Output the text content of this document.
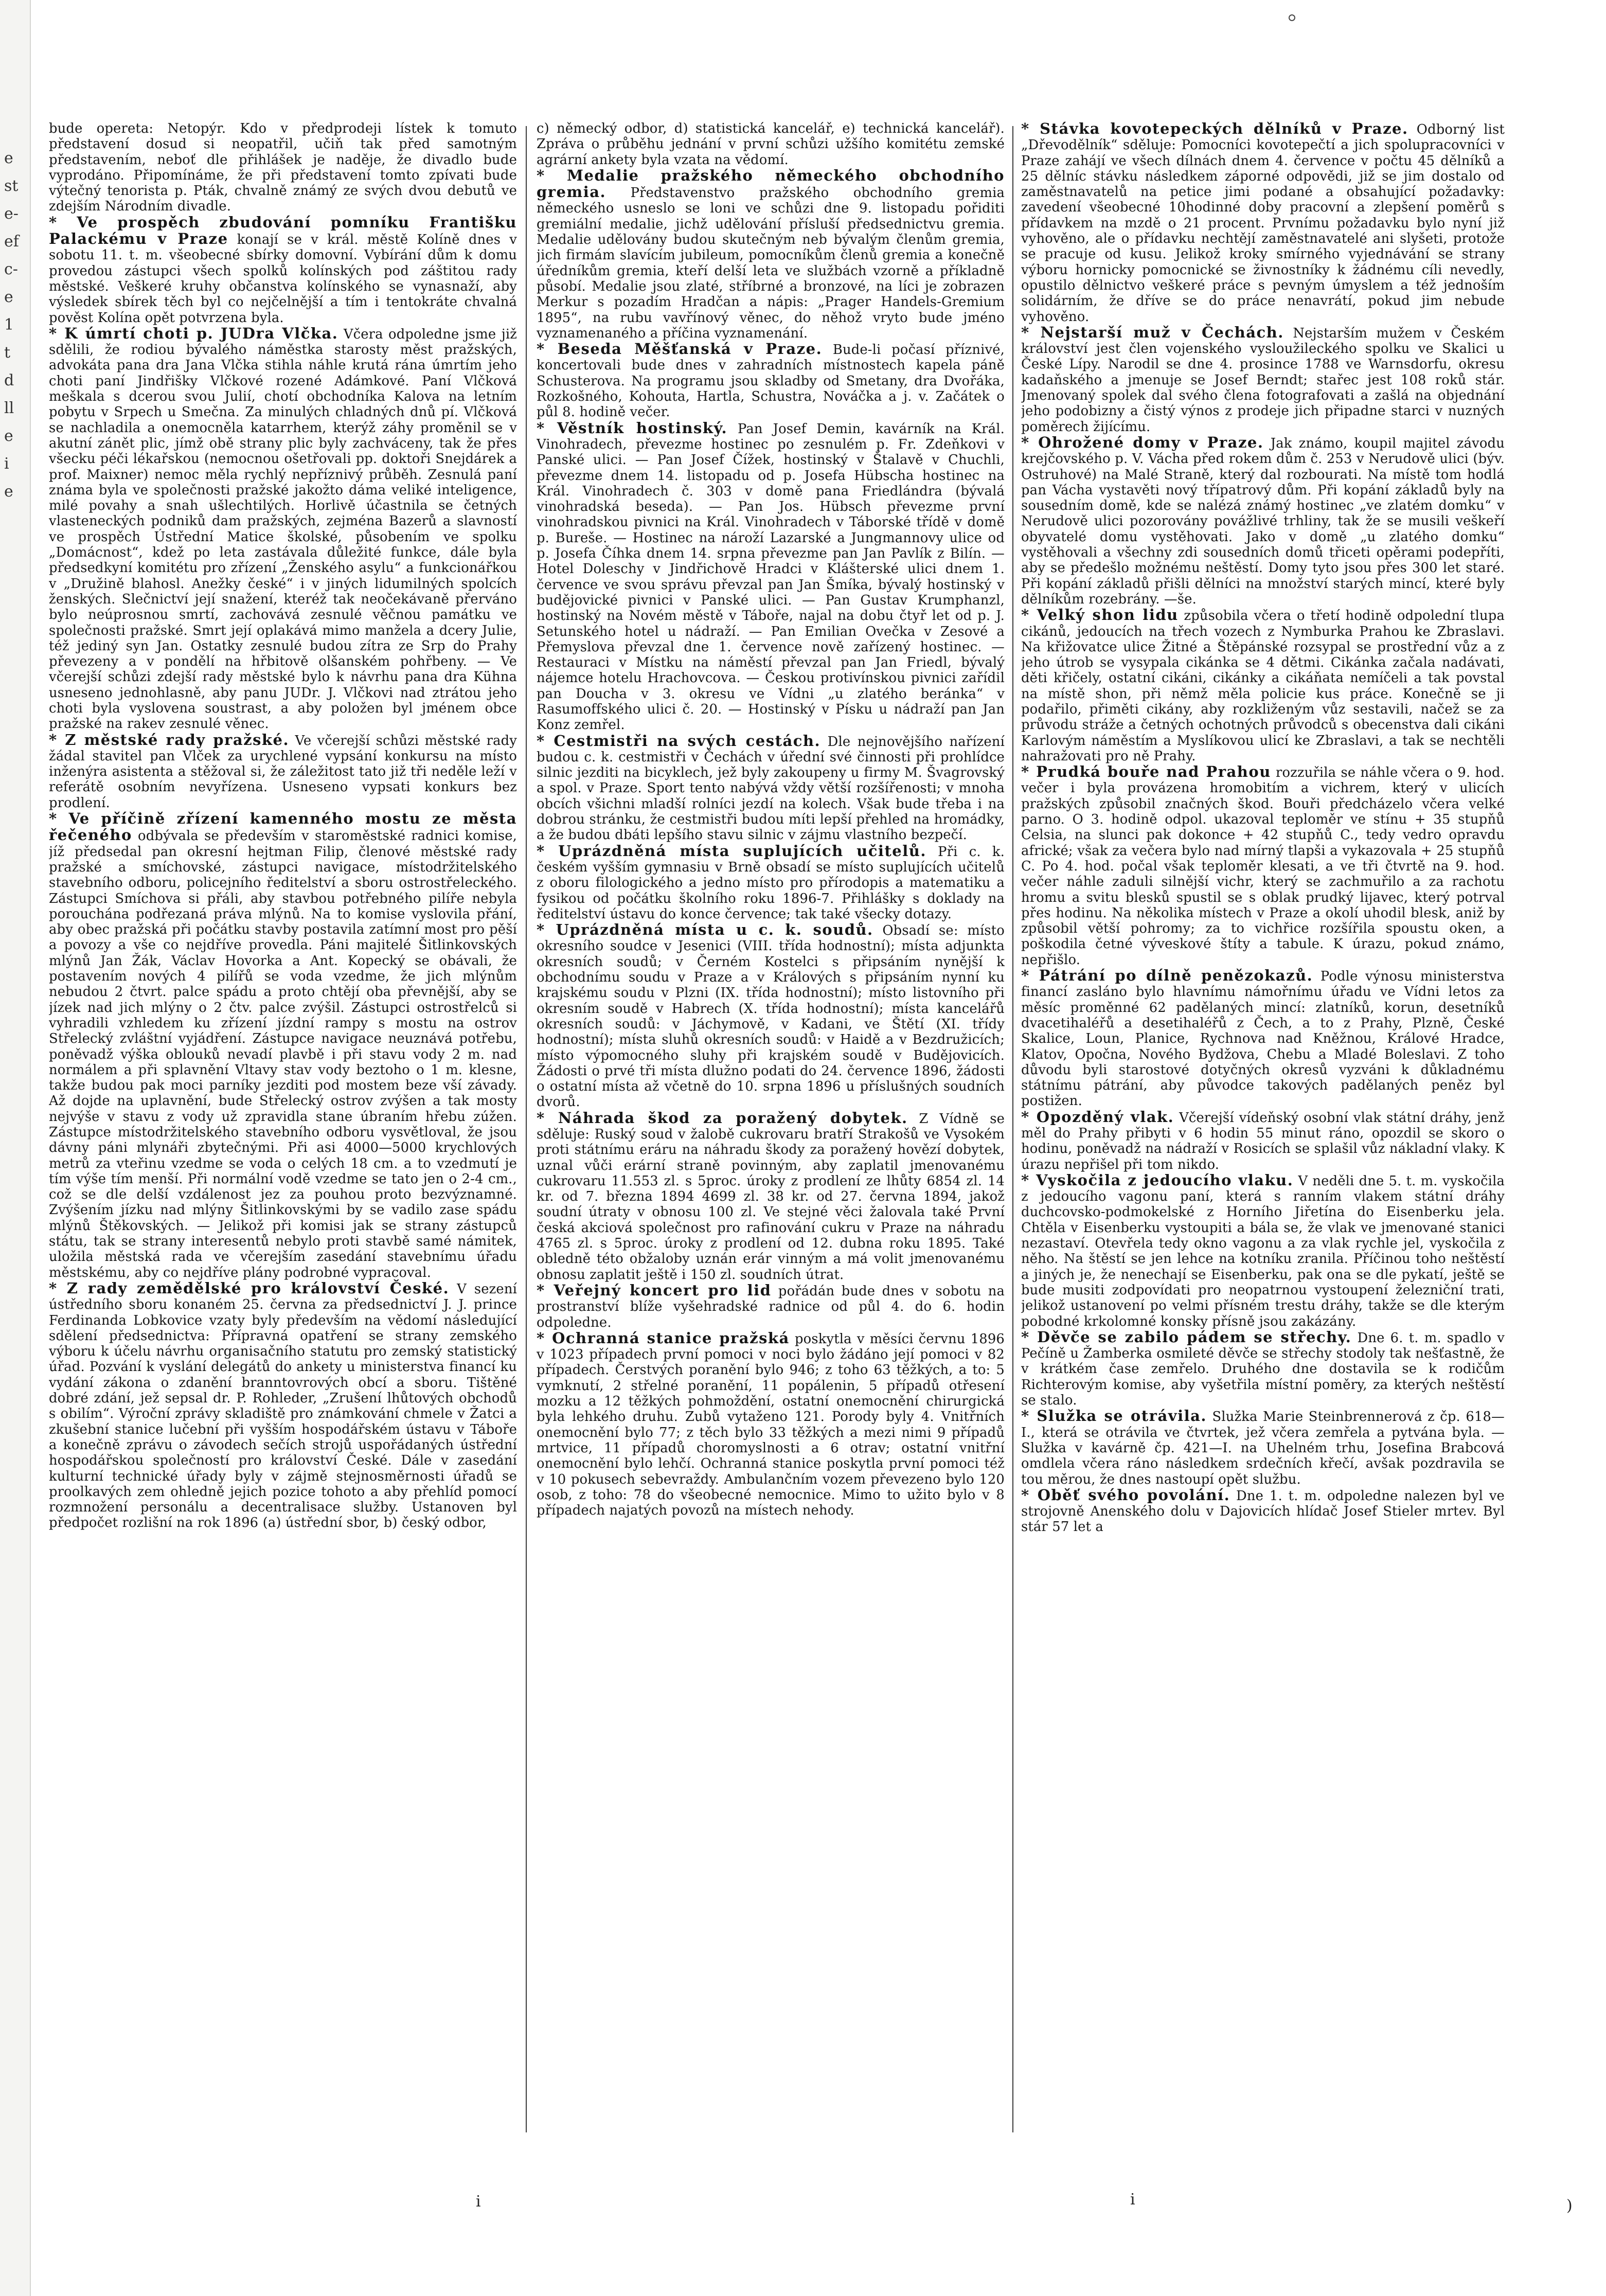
e
st
e-
ef
c-
e
1
t
d
ll
e
i
e

bude opereta: Netopýr. Kdo v předprodeji lístek k tomuto představení dosud si neopatřil, učiň tak před samotným představením, neboť dle přihlášek je naděje, že divadlo bude vyprodáno. Připomínáme, že při představení tomto zpívati bude výtečný tenorista p. Pták, chvalně známý ze svých dvou debutů ve zdejším Národním divadle.

* Ve prospěch zbudování pomníku Františku Palackému v Praze konají se v král. městě Kolíně dnes v sobotu 11. t. m. všeobecné sbírky domovní. Vybírání dům k domu provedou zástupci všech spolků kolínských pod záštitou rady městské. Veškeré kruhy občanstva kolínského se vynasnaží, aby výsledek sbírek těch byl co nejčelnější a tím i tentokráte chvalná pověst Kolína opět potvrzena byla.

* K úmrtí choti p. JUDra Vlčka. Včera odpoledne jsme již sdělili, že rodiou bývalého náměstka starosty měst pražských, advokáta pana dra Jana Vlčka stihla náhle krutá rána úmrtím jeho choti paní Jindřišky Vlčkové rozené Adámkové. Paní Vlčková meškala s dcerou svou Julií, chotí obchodníka Kalova na letním pobytu v Srpech u Smečna. Za minulých chladných dnů pí. Vlčková se nachladila a onemocněla katarrhem, kterýž záhy proměnil se v akutní zánět plic, jímž obě strany plic byly zachváceny, tak že přes všecku péči lékařskou (nemocnou ošetřovali pp. doktoři Snejdárek a prof. Maixner) nemoc měla rychlý nepříznivý průběh. Zesnulá paní známa byla ve společnosti pražské jakožto dáma veliké inteligence, milé povahy a snah ušlechtilých. Horlivě účastnila se četných vlasteneckých podniků dam pražských, zejména Bazerů a slavností ve prospěch Ústřední Matice školské, působením ve spolku „Domácnost“, kdež po leta zastávala důležité funkce, dále byla předsedkyní komitétu pro zřízení „Ženského asylu“ a funkcionářkou v „Družině blahosl. Anežky české“ i v jiných lidumilných spolcích ženských. Slečnictví její snažení, kteréž tak neočekávaně přerváno bylo neúprosnou smrtí, zachovává zesnulé věčnou památku ve společnosti pražské. Smrt její oplakává mimo manžela a dcery Julie, též jediný syn Jan. Ostatky zesnulé budou zítra ze Srp do Prahy převezeny a v pondělí na hřbitově olšanském pohřbeny. — Ve včerejší schůzi zdejší rady městské bylo k návrhu pana dra Kühna usneseno jednohlasně, aby panu JUDr. J. Vlčkovi nad ztrátou jeho choti byla vyslovena soustrast, a aby položen byl jménem obce pražské na rakev zesnulé věnec.

* Z městské rady pražské. Ve včerejší schůzi městské rady žádal stavitel pan Vlček za urychlené vypsání konkursu na místo inženýra asistenta a stěžoval si, že záležitost tato již tři neděle leží v referátě osobním nevyřízena. Usneseno vypsati konkurs bez prodlení.

* Ve příčině zřízení kamenného mostu ze města řečeného odbývala se především v staroměstské radnici komise, jíž předsedal pan okresní hejtman Filip, členové městské rady pražské a smíchovské, zástupci navigace, místodržitelského stavebního odboru, policejního ředitelství a sboru ostrostřeleckého. Zástupci Smíchova si přáli, aby stavbou potřebného pilíře nebyla porouchána podřezaná práva mlýnů. Na to komise vyslovila přání, aby obec pražská při počátku stavby postavila zatímní most pro pěší a povozy a vše co nejdříve provedla. Páni majitelé Šitlinkovských mlýnů Jan Žák, Václav Hovorka a Ant. Kopecký se obávali, že postavením nových 4 pilířů se voda vzedme, že jich mlýnům nebudou 2 čtvrt. palce spádu a proto chtějí oba převnější, aby se jízek nad jich mlýny o 2 čtv. palce zvýšil. Zástupci ostrostřelců si vyhradili vzhledem ku zřízení jízdní rampy s mostu na ostrov Střelecký zvláštní vyjádření. Zástupce navigace neuznává potřebu, poněvadž výška oblouků nevadí plavbě i při stavu vody 2 m. nad normálem a při splavnění Vltavy stav vody beztoho o 1 m. klesne, takže budou pak moci parníky jezditi pod mostem beze vší závady. Až dojde na uplavnění, bude Střelecký ostrov zvýšen a tak mosty nejvýše v stavu z vody už zpravidla stane úbraním hřebu zúžen. Zástupce místodržitelského stavebního odboru vysvětloval, že jsou dávny páni mlynáři zbytečnými. Při asi 4000—5000 krychlových metrů za vteřinu vzedme se voda o celých 18 cm. a to vzedmutí je tím výše tím menší. Při normální vodě vzedme se tato jen o 2-4 cm., což se dle delší vzdálenost jez za pouhou proto bezvýznamné. Zvýšením jízku nad mlýny Šitlinkovskými by se vadilo zase spádu mlýnů Štěkovských. — Jelikož při komisi jak se strany zástupců státu, tak se strany interesentů nebylo proti stavbě samé námitek, uložila městská rada ve včerejším zasedání stavebnímu úřadu městskému, aby co nejdříve plány podrobné vypracoval.

* Z rady zemědělské pro království České. V sezení ústředního sboru konaném 25. června za předsednictví J. J. prince Ferdinanda Lobkovice vzaty byly především na vědomí následující sdělení předsednictva: Přípravná opatření se strany zemského výboru k účelu návrhu organisačního statutu pro zemský statistický úřad. Pozvání k vyslání delegátů do ankety u ministerstva financí ku vydání zákona o zdanění branntovrových obcí a sboru. Tištěné dobré zdání, jež sepsal dr. P. Rohleder, „Zrušení lhůtových obchodů s obilím“. Výroční zprávy skladiště pro známkování chmele v Žatci a zkušební stanice lučební při vyšším hospodářském ústavu v Táboře a konečně zprávu o závodech sečích strojů uspořádaných ústřední hospodářskou společností pro království České. Dále v zasedání kulturní technické úřady byly v zájmě stejnosměrnosti úřadů se proolkavých zem ohledně jejich pozice tohoto a aby přehlíd pomocí rozmnožení personálu a decentralisace služby. Ustanoven byl předpočet rozlišní na rok 1896 (a) ústřední sbor, b) český odbor,

c) německý odbor, d) statistická kancelář, e) technická kancelář). Zpráva o průběhu jednání v první schůzi užšího komitétu zemské agrární ankety byla vzata na vědomí.

* Medalie pražského německého obchodního gremia. Představenstvo pražského obchodního gremia německého usneslo se loni ve schůzi dne 9. listopadu pořiditi gremiální medalie, jichž udělování přísluší předsednictvu gremia. Medalie udělovány budou skutečným neb bývalým členům gremia, jich firmám slavícím jubileum, pomocníkům členů gremia a konečně úředníkům gremia, kteří delší leta ve službách vzorně a příkladně působí. Medalie jsou zlaté, stříbrné a bronzové, na líci je zobrazen Merkur s pozadím Hradčan a nápis: „Prager Handels-Gremium 1895“, na rubu vavřínový věnec, do něhož vryto bude jméno vyznamenaného a příčina vyznamenání.

* Beseda Měšťanská v Praze. Bude-li počasí příznivé, koncertovali bude dnes v zahradních místnostech kapela páně Schusterova. Na programu jsou skladby od Smetany, dra Dvořáka, Rozkošného, Kohouta, Hartla, Schustra, Nováčka a j. v. Začátek o půl 8. hodině večer.

* Věstník hostinský. Pan Josef Demin, kavárník na Král. Vinohradech, převezme hostinec po zesnulém p. Fr. Zdeňkovi v Panské ulici. — Pan Josef Čížek, hostinský v Štalavě v Chuchli, převezme dnem 14. listopadu od p. Josefa Hübscha hostinec na Král. Vinohradech č. 303 v domě pana Friedlándra (bývalá vinohradská beseda). — Pan Jos. Hübsch převezme první vinohradskou pivnici na Král. Vinohradech v Táborské třídě v domě p. Bureše. — Hostinec na nároží Lazarské a Jungmannovy ulice od p. Josefa Číhka dnem 14. srpna převezme pan Jan Pavlík z Bilín. — Hotel Doleschy v Jindřichově Hradci v Klášterské ulici dnem 1. července ve svou správu převzal pan Jan Šmíka, bývalý hostinský v budějovické pivnici v Panské ulici. — Pan Gustav Krumphanzl, hostinský na Novém městě v Táboře, najal na dobu čtyř let od p. J. Setunského hotel u nádraží. — Pan Emilian Ovečka v Zesové a Přemyslova převzal dne 1. července nově zařízený hostinec. — Restauraci v Místku na náměstí převzal pan Jan Friedl, bývalý nájemce hotelu Hrachovcova. — Českou protivínskou pivnici zařídil pan Doucha v 3. okresu ve Vídni „u zlatého beránka“ v Rasumoffského ulici č. 20. — Hostinský v Písku u nádraží pan Jan Konz zemřel.

* Cestmistři na svých cestách. Dle nejnovějšího nařízení budou c. k. cestmistři v Čechách v úřední své činnosti při prohlídce silnic jezditi na bicyklech, jež byly zakoupeny u firmy M. Švagrovský a spol. v Praze. Sport tento nabývá vždy větší rozšířenosti; v mnoha obcích všichni mladší rolníci jezdí na kolech. Však bude třeba i na dobrou stránku, že cestmistři budou míti lepší přehled na hromádky, a že budou dbáti lepšího stavu silnic v zájmu vlastního bezpečí.

* Uprázdněná místa suplujících učitelů. Při c. k. českém vyšším gymnasiu v Brně obsadí se místo suplujících učitelů z oboru filologického a jedno místo pro přírodopis a matematiku a fysikou od počátku školního roku 1896-7. Přihlášky s doklady na ředitelství ústavu do konce července; tak také všecky dotazy.

* Uprázdněná místa u c. k. soudů. Obsadí se: místo okresního soudce v Jesenici (VIII. třída hodnostní); místa adjunkta okresních soudů; v Černém Kostelci s připsáním nynější k obchodnímu soudu v Praze a v Králových s připsáním nynní ku krajskému soudu v Plzni (IX. třída hodnostní); místo listovního při okresním soudě v Habrech (X. třída hodnostní); místa kancelářů okresních soudů: v Jáchymově, v Kadani, ve Štětí (XI. třídy hodnostní); místa sluhů okresních soudů: v Haidě a v Bezdružicích; místo výpomocného sluhy při krajském soudě v Budějovicích. Žádosti o prvé tři místa dlužno podati do 24. července 1896, žádosti o ostatní místa až včetně do 10. srpna 1896 u příslušných soudních dvorů.

* Náhrada škod za poražený dobytek. Z Vídně se sděluje: Ruský soud v žalobě cukrovaru bratří Strakošů ve Vysokém proti státnímu eráru na náhradu škody za poražený hovězí dobytek, uznal vůči erární straně povinným, aby zaplatil jmenovanému cukrovaru 11.553 zl. s 5proc. úroky z prodlení ze lhůty 6854 zl. 14 kr. od 7. března 1894 4699 zl. 38 kr. od 27. června 1894, jakož soudní útraty v obnosu 100 zl. Ve stejné věci žalovala také První česká akciová společnost pro rafinování cukru v Praze na náhradu 4765 zl. s 5proc. úroky z prodlení od 12. dubna roku 1895. Také obledně této obžaloby uznán erár vinným a má volit jmenovanému obnosu zaplatit ještě i 150 zl. soudních útrat.

* Veřejný koncert pro lid pořádán bude dnes v sobotu na prostranství blíže vyšehradské radnice od půl 4. do 6. hodin odpoledne.

* Ochranná stanice pražská poskytla v měsíci červnu 1896 v 1023 případech první pomoci v noci bylo žádáno její pomoci v 82 případech. Čerstvých poranění bylo 946; z toho 63 těžkých, a to: 5 vymknutí, 2 střelné poranění, 11 popálenin, 5 případů otřesení mozku a 12 těžkých pohmoždění, ostatní onemocnění chirurgická byla lehkého druhu. Zubů vytaženo 121. Porody byly 4. Vnitřních onemocnění bylo 77; z těch bylo 33 těžkých a mezi nimi 9 případů mrtvice, 11 případů choromyslnosti a 6 otrav; ostatní vnitřní onemocnění bylo lehčí. Ochranná stanice poskytla první pomoci též v 10 pokusech sebevraždy. Ambulančním vozem převezeno bylo 120 osob, z toho: 78 do všeobecné nemocnice. Mimo to užito bylo v 8 případech najatých povozů na místech nehody.

* Stávka kovotepeckých dělníků v Praze. Odborný list „Dřevodělník“ sděluje: Pomocníci kovotepečtí a jich spolupracovníci v Praze zahájí ve všech dílnách dnem 4. července v počtu 45 dělníků a 25 dělníc stávku následkem záporné odpovědi, již se jim dostalo od zaměstnavatelů na petice jimi podané a obsahující požadavky: zavedení všeobecné 10hodinné doby pracovní a zlepšení poměrů s přídavkem na mzdě o 21 procent. Prvnímu požadavku bylo nyní již vyhověno, ale o přídavku nechtějí zaměstnavatelé ani slyšeti, protože se pracuje od kusu. Jelikož kroky smírného vyjednávání se strany výboru hornicky pomocnické se živnostníky k žádnému cíli nevedly, opustilo dělnictvo veškeré práce s pevným úmyslem a též jednoším solidárním, že dříve se do práce nenavrátí, pokud jim nebude vyhověno.

* Nejstarší muž v Čechách. Nejstarším mužem v Českém království jest člen vojenského vysloužileckého spolku ve Skalici u České Lípy. Narodil se dne 4. prosince 1788 ve Warnsdorfu, okresu kadaňského a jmenuje se Josef Berndt; stařec jest 108 roků stár. Jmenovaný spolek dal svého člena fotografovati a zašlá na objednání jeho podobizny a čistý výnos z prodeje jich připadne starci v nuzných poměrech žijícímu.

* Ohrožené domy v Praze. Jak známo, koupil majitel závodu krejčovského p. V. Vácha před rokem dům č. 253 v Nerudově ulici (býv. Ostruhové) na Malé Straně, který dal rozbourati. Na místě tom hodlá pan Vácha vystavěti nový třípatrový dům. Při kopání základů byly na sousedním domě, kde se nalézá známý hostinec „ve zlatém domku“ v Nerudově ulici pozorovány povážlivé trhliny, tak že se musili veškeří obyvatelé domu vystěhovati. Jako v domě „u zlatého domku“ vystěhovali a všechny zdi sousedních domů třiceti opěrami podepříti, aby se předešlo možnému neštěstí. Domy tyto jsou přes 300 let staré. Při kopání základů přišli dělníci na množství starých mincí, které byly dělníkům rozebrány. —še.

* Velký shon lidu způsobila včera o třetí hodině odpolední tlupa cikánů, jedoucích na třech vozech z Nymburka Prahou ke Zbraslavi. Na křižovatce ulice Žitné a Štěpánské rozsypal se prostřední vůz a z jeho útrob se vysypala cikánka se 4 dětmi. Cikánka začala nadávati, děti křičely, ostatní cikáni, cikánky a cikáňata nemíčeli a tak povstal na místě shon, při němž měla policie kus práce. Konečně se ji podařilo, přiměti cikány, aby rozkliženým vůz sestavili, načež se za průvodu stráže a četných ochotných průvodců s obecenstva dali cikáni Karlovým náměstím a Myslíkovou ulicí ke Zbraslavi, a tak se nechtěli nahražovati pro ně Prahy.

* Prudká bouře nad Prahou rozzuřila se náhle včera o 9. hod. večer i byla provázena hromobitím a vichrem, který v ulicích pražských způsobil značných škod. Bouři předcházelo včera velké parno. O 3. hodině odpol. ukazoval teploměr ve stínu + 35 stupňů Celsia, na slunci pak dokonce + 42 stupňů C., tedy vedro opravdu africké; však za večera bylo nad mírný tlapši a vykazovala + 25 stupňů C. Po 4. hod. počal však teploměr klesati, a ve tři čtvrtě na 9. hod. večer náhle zaduli silnější vichr, který se zachmuřilo a za rachotu hromu a svitu blesků spustil se s oblak prudký lijavec, který potrval přes hodinu. Na několika místech v Praze a okolí uhodil blesk, aniž by způsobil větší pohromy; za to vichřice rozšířila spoustu oken, a poškodila četné výveskové štíty a tabule. K úrazu, pokud známo, nepřišlo.

* Pátrání po dílně penězokazů. Podle výnosu ministerstva financí zasláno bylo hlavnímu námořnímu úřadu ve Vídni letos za měsíc proměnné 62 padělaných mincí: zlatníků, korun, desetníků dvacetihaléřů a desetihaléřů z Čech, a to z Prahy, Plzně, České Skalice, Loun, Planice, Rychnova nad Kněžnou, Králové Hradce, Klatov, Opočna, Nového Bydžova, Chebu a Mladé Boleslavi. Z toho důvodu byli starostové dotyčných okresů vyzváni k důkladnému státnímu pátrání, aby původce takových padělaných peněz byl postižen.

* Opozděný vlak. Včerejší vídeňský osobní vlak státní dráhy, jenž měl do Prahy přibyti v 6 hodin 55 minut ráno, opozdil se skoro o hodinu, poněvadž na nádraží v Rosicích se splašil vůz nákladní vlaky. K úrazu nepřišel při tom nikdo.

* Vyskočila z jedoucího vlaku. V neděli dne 5. t. m. vyskočila z jedoucího vagonu paní, která s ranním vlakem státní dráhy duchcovsko-podmokelské z Horního Jiřetína do Eisenberku jela. Chtěla v Eisenberku vystoupiti a bála se, že vlak ve jmenované stanici nezastaví. Otevřela tedy okno vagonu a za vlak rychle jel, vyskočila z něho. Na štěstí se jen lehce na kotníku zranila. Příčinou toho neštěstí a jiných je, že nenechají se Eisenberku, pak ona se dle pykatí, ještě se bude musiti zodpovídati pro neopatrnou vystoupení železniční trati, jelikož ustanovení po velmi přísném trestu dráhy, takže se dle kterým pobodné krkolomné konsky přísně jsou zakázány.

* Děvče se zabilo pádem se střechy. Dne 6. t. m. spadlo v Pečíně u Žamberka osmileté děvče se střechy stodoly tak nešťastně, že v krátkém čase zemřelo. Druhého dne dostavila se k rodičům Richterovým komise, aby vyšetřila místní poměry, za kterých neštěstí se stalo.

* Služka se otrávila. Služka Marie Steinbrennerová z čp. 618—I., která se otrávila ve čtvrtek, jež včera zemřela a pytvána byla. — Služka v kavárně čp. 421—I. na Uhelném trhu, Josefina Brabcová omdlela včera ráno následkem srdečních křečí, avšak pozdravila se tou měrou, že dnes nastoupí opět službu.

* Oběť svého povolání. Dne 1. t. m. odpoledne nalezen byl ve strojovně Anenského dolu v Dajovicích hlídač Josef Stieler mrtev. Byl stár 57 let a

i	i	)
